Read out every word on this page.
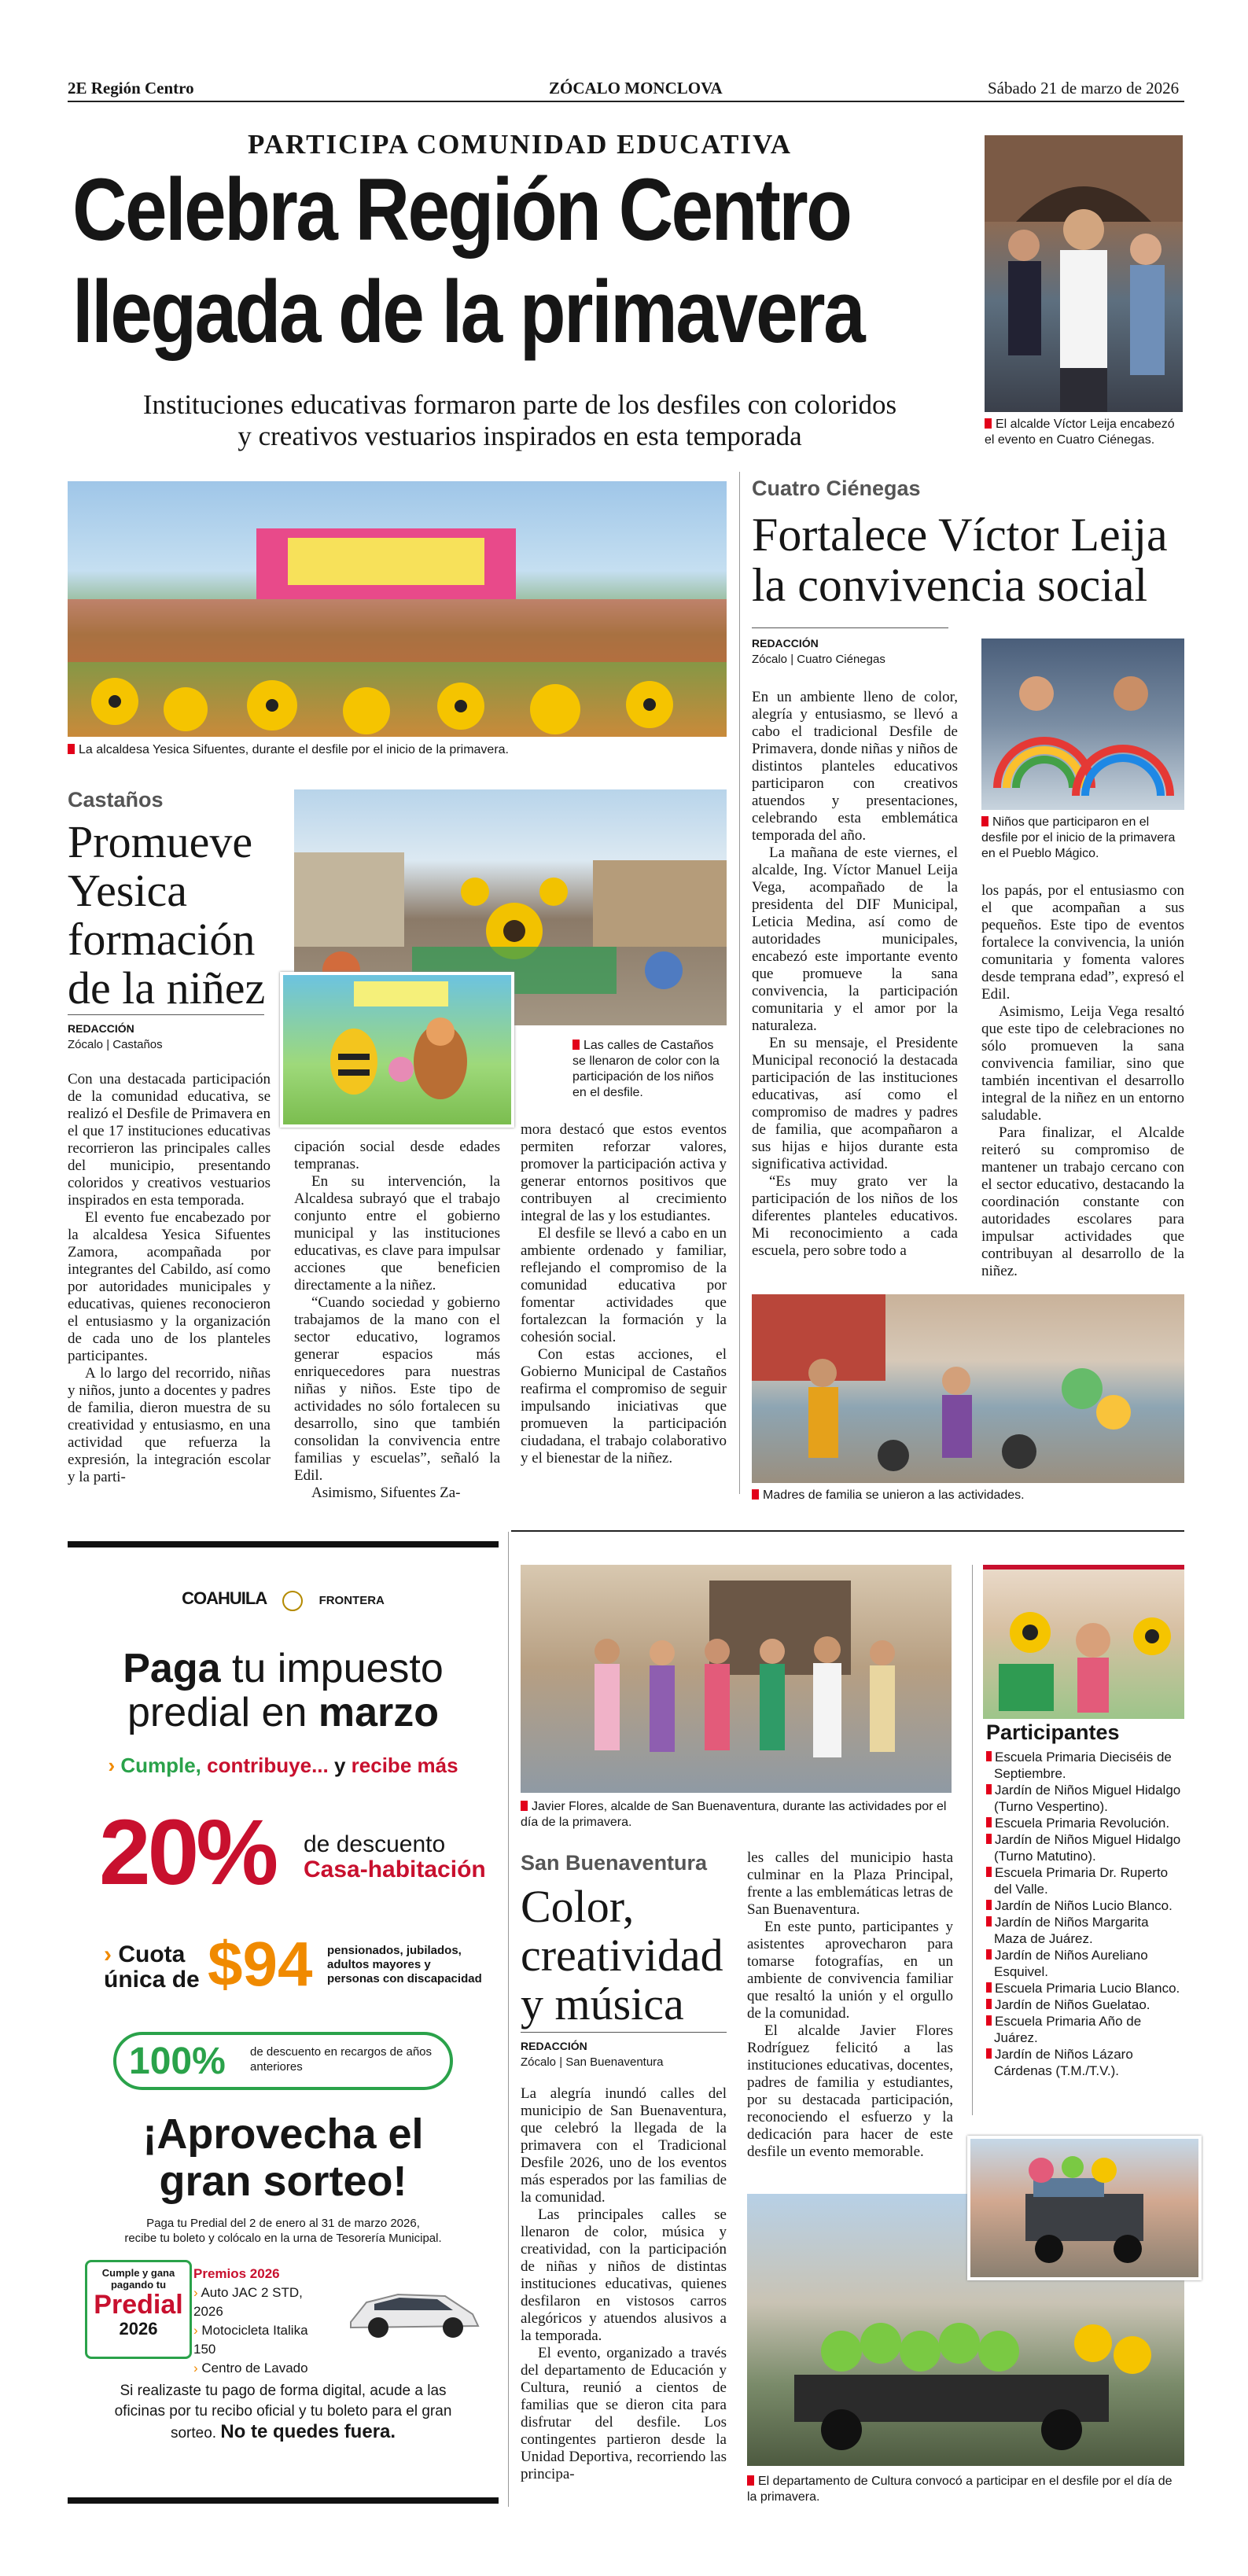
2E Región Centro	ZÓCALO MONCLOVA	Sábado 21 de marzo de 2026
PARTICIPA COMUNIDAD EDUCATIVA
Celebra Región Centro
llegada de la primavera
Instituciones educativas formaron parte de los desfiles con coloridos
y creativos vestuarios inspirados en esta temporada	El alcalde Víctor Leija encabezó el evento en Cuatro Ciénegas.
La alcaldesa Yesica Sifuentes, durante el desfile por el inicio de la primavera.
Castaños
Promueve
Yesica
formación
de la niñez
REDACCIÓN
Zócalo | Castaños	Las calles de Castaños se llenaron de color con la participación de los niños en el desfile.

Con una destacada participación de la comunidad educativa, se realizó el Desfile de Primavera en el que 17 instituciones educativas recorrieron las principales calles del municipio, presentando coloridos y creativos vestuarios inspirados en esta temporada.

El evento fue encabezado por la alcaldesa Yesica Sifuentes Zamora, acompañada por integrantes del Cabildo, así como por autoridades municipales y educativas, quienes reconocieron el entusiasmo y la organización de cada uno de los planteles participantes.

A lo largo del recorrido, niñas y niños, junto a docentes y padres de familia, dieron muestra de su creatividad y entusiasmo, en una actividad que refuerza la expresión, la integración escolar y la parti-

cipación social desde edades tempranas.

En su intervención, la Alcaldesa subrayó que el trabajo conjunto entre el gobierno municipal y las instituciones educativas, es clave para impulsar acciones que beneficien directamente a la niñez.

“Cuando sociedad y gobierno trabajamos de la mano con el sector educativo, logramos generar espacios más enriquecedores para nuestras niñas y niños. Este tipo de actividades no sólo fortalecen su desarrollo, sino que también consolidan la convivencia entre familias y escuelas”, señaló la Edil.

Asimismo, Sifuentes Za-

mora destacó que estos eventos permiten reforzar valores, promover la participación activa y generar entornos positivos que contribuyen al crecimiento integral de las y los estudiantes.

El desfile se llevó a cabo en un ambiente ordenado y familiar, reflejando el compromiso de la comunidad educativa por fomentar actividades que fortalezcan la formación y la cohesión social.

Con estas acciones, el Gobierno Municipal de Castaños reafirma el compromiso de seguir impulsando iniciativas que promueven la participación ciudadana, el trabajo colaborativo y el bienestar de la niñez.

Cuatro Ciénegas
Fortalece Víctor Leija
la convivencia social
REDACCIÓN
Zócalo | Cuatro Ciénegas
Niños que participaron en el desfile por el inicio de la primavera en el Pueblo Mágico.

En un ambiente lleno de color, alegría y entusiasmo, se llevó a cabo el tradicional Desfile de Primavera, donde niñas y niños de distintos planteles educativos participaron con creativos atuendos y presentaciones, celebrando esta emblemática temporada del año.

La mañana de este viernes, el alcalde, Ing. Víctor Manuel Leija Vega, acompañado de la presidenta del DIF Municipal, Leticia Medina, así como de autoridades municipales, encabezó este importante evento que promueve la sana convivencia, la participación comunitaria y el amor por la naturaleza.

En su mensaje, el Presidente Municipal reconoció la destacada participación de las instituciones educativas, así como el compromiso de madres y padres de familia, que acompañaron a sus hijas e hijos durante esta significativa actividad.

“Es muy grato ver la participación de los niños de los diferentes planteles educativos. Mi reconocimiento a cada escuela, pero sobre todo a

los papás, por el entusiasmo con el que acompañan a sus pequeños. Este tipo de eventos fortalece la convivencia, la unión comunitaria y fomenta valores desde temprana edad”, expresó el Edil.

Asimismo, Leija Vega resaltó que este tipo de celebraciones no sólo promueven la sana convivencia familiar, sino que también incentivan el desarrollo integral de la niñez en un entorno saludable.

Para finalizar, el Alcalde reiteró su compromiso de mantener un trabajo cercano con el sector educativo, destacando la coordinación constante con autoridades escolares para impulsar actividades que contribuyan al desarrollo de la niñez.

Madres de familia se unieron a las actividades.
COAHUILA	FRONTERA
Paga tu impuesto
predial en marzo
› Cumple, contribuye... y recibe más
20% de descuento
Casa-habitación
› Cuota
única de $94 pensionados, jubilados, adultos mayores y personas con discapacidad
100% de descuento en recargos de años anteriores
¡Aprovecha el
gran sorteo!
Paga tu Predial del 2 de enero al 31 de marzo 2026,
recibe tu boleto y colócalo en la urna de Tesorería Municipal.
Cumple y gana
pagando tu
Predial
2026
Premios 2026
› Auto JAC 2 STD, 2026
› Motocicleta Italika 150
› Centro de Lavado
Si realizaste tu pago de forma digital, acude a las
oficinas por tu recibo oficial y tu boleto para el gran
sorteo. No te quedes fuera.
Javier Flores, alcalde de San Buenaventura, durante las actividades por el día de la primavera.
San Buenaventura
Color,
creatividad
y música
REDACCIÓN
Zócalo | San Buenaventura

La alegría inundó calles del municipio de San Buenaventura, que celebró la llegada de la primavera con el Tradicional Desfile 2026, uno de los eventos más esperados por las familias de la comunidad.

Las principales calles se llenaron de color, música y creatividad, con la participación de niñas y niños de distintas instituciones educativas, quienes desfilaron en vistosos carros alegóricos y atuendos alusivos a la temporada.

El evento, organizado a través del departamento de Educación y Cultura, reunió a cientos de familias que se dieron cita para disfrutar del desfile. Los contingentes partieron desde la Unidad Deportiva, recorriendo las principa-

les calles del municipio hasta culminar en la Plaza Principal, frente a las emblemáticas letras de San Buenaventura.

En este punto, participantes y asistentes aprovecharon para tomarse fotografías, en un ambiente de convivencia familiar que resaltó la unión y el orgullo de la comunidad.

El alcalde Javier Flores Rodríguez felicitó a las instituciones educativas, docentes, padres de familia y estudiantes, por su destacada participación, reconociendo el esfuerzo y la dedicación para hacer de este desfile un evento memorable.

Participantes
Escuela Primaria Dieciséis de Septiembre.
Jardín de Niños Miguel Hidalgo (Turno Vespertino).
Escuela Primaria Revolución.
Jardín de Niños Miguel Hidalgo (Turno Matutino).
Escuela Primaria Dr. Ruperto del Valle.
Jardín de Niños Lucio Blanco.
Jardín de Niños Margarita Maza de Juárez.
Jardín de Niños Aureliano Esquivel.
Escuela Primaria Lucio Blanco.
Jardín de Niños Guelatao.
Escuela Primaria Año de Juárez.
Jardín de Niños Lázaro Cárdenas (T.M./T.V.).
El departamento de Cultura convocó a participar en el desfile por el día de la primavera.
